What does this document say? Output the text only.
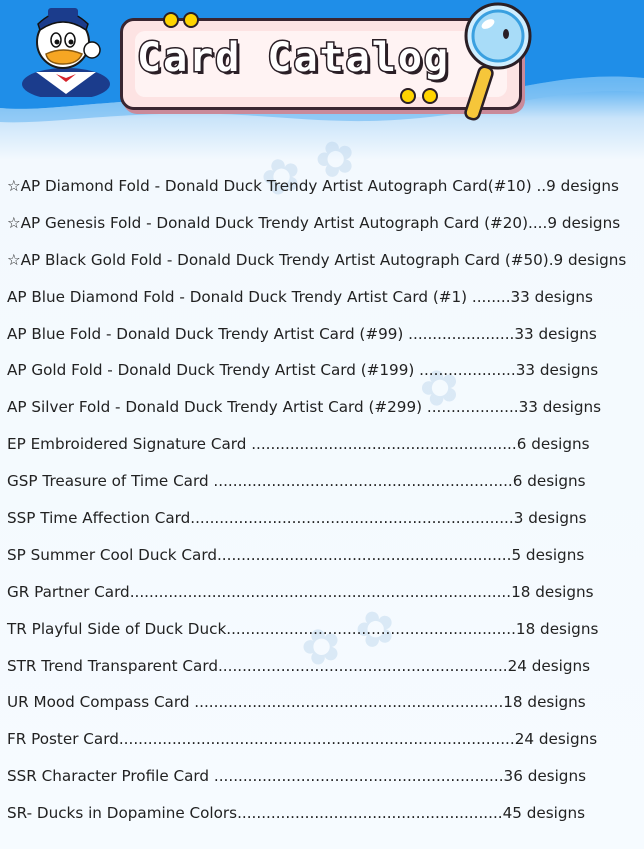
✿ ✿
✿
✿ ✿
Card Catalog
☆AP Diamond Fold - Donald Duck Trendy Artist Autograph Card(#10) ..9 designs
☆AP Genesis Fold - Donald Duck Trendy Artist Autograph Card (#20)....9 designs
☆AP Black Gold Fold - Donald Duck Trendy Artist Autograph Card (#50).9 designs
AP Blue Diamond Fold - Donald Duck Trendy Artist Card (#1) ........33 designs
AP Blue Fold - Donald Duck Trendy Artist Card (#99) ......................33 designs
AP Gold Fold - Donald Duck Trendy Artist Card (#199) ....................33 designs
AP Silver Fold - Donald Duck Trendy Artist Card (#299) ...................33 designs
EP Embroidered Signature Card .......................................................6 designs
GSP Treasure of Time Card ..............................................................6 designs
SSP Time Affection Card...................................................................3 designs
SP Summer Cool Duck Card.............................................................5 designs
GR Partner Card...............................................................................18 designs
TR Playful Side of Duck Duck............................................................18 designs
STR Trend Transparent Card............................................................24 designs
UR Mood Compass Card ................................................................18 designs
FR Poster Card..................................................................................24 designs
SSR Character Profile Card ............................................................36 designs
SR- Ducks in Dopamine Colors.......................................................45 designs
